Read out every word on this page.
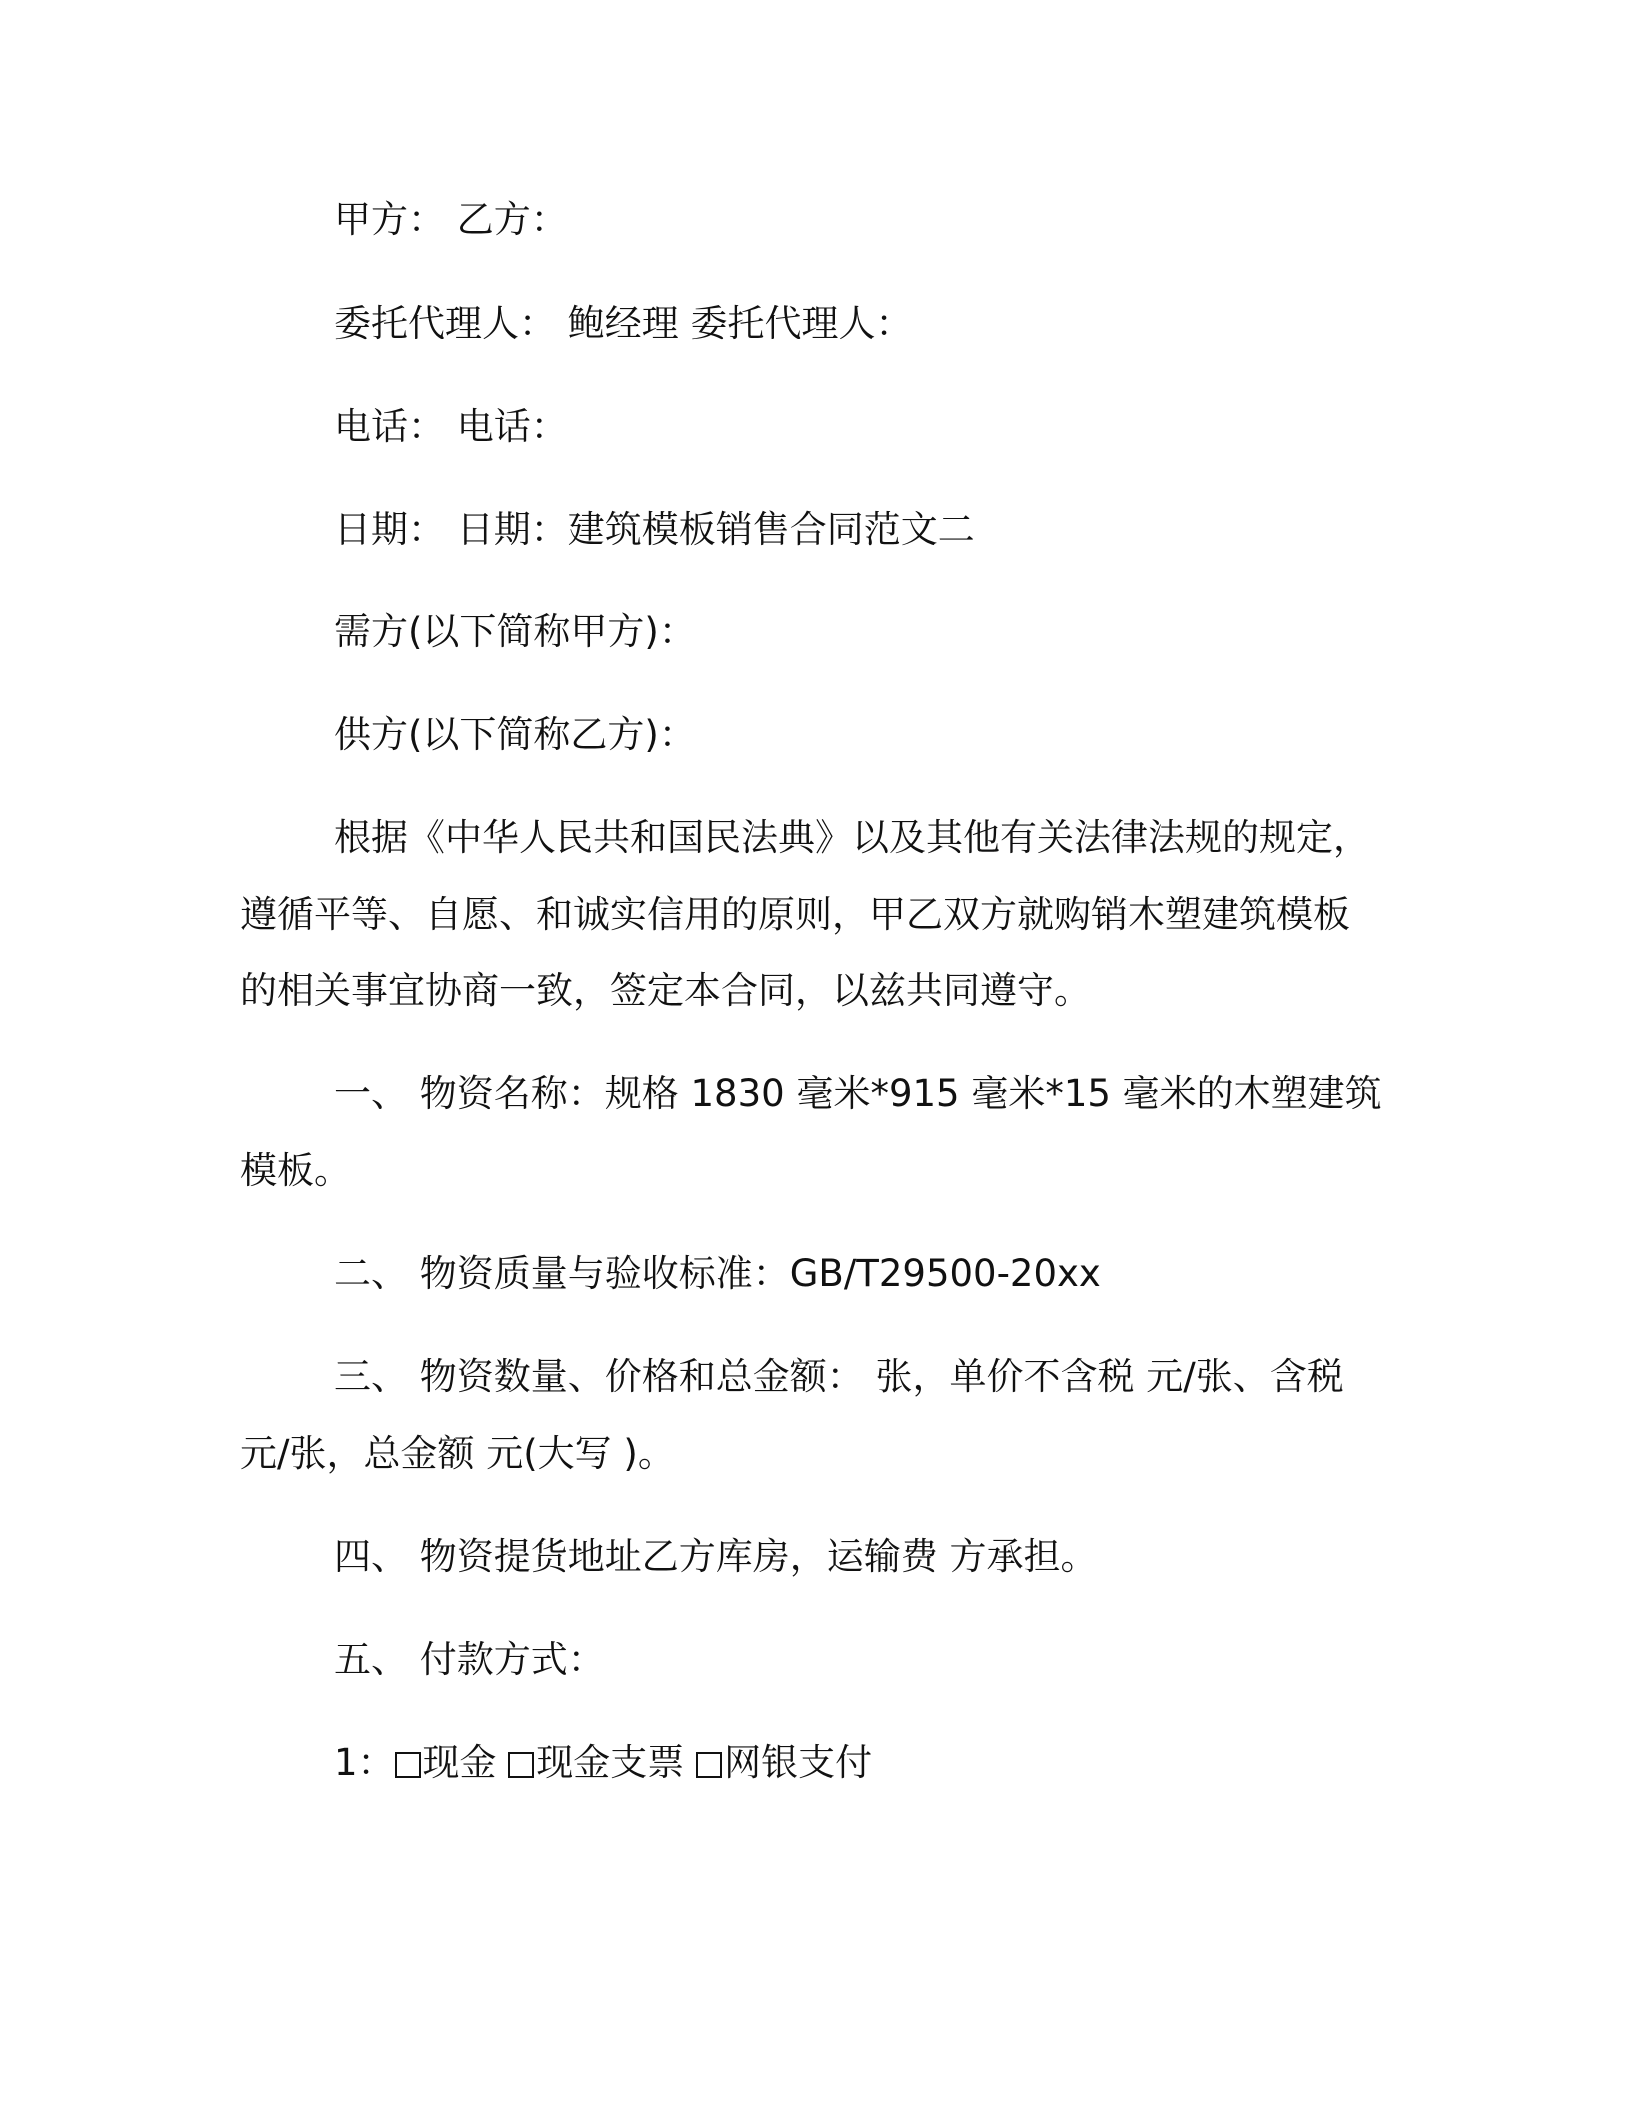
甲方： 乙方：
委托代理人： 鲍经理 委托代理人：
电话： 电话：
日期： 日期：建筑模板销售合同范文二
需方(以下简称甲方)：
供方(以下简称乙方)：
根据《中华人民共和国民法典》以及其他有关法律法规的规定，
遵循平等、自愿、和诚实信用的原则，甲乙双方就购销木塑建筑模板
的相关事宜协商一致，签定本合同，以兹共同遵守。
一、 物资名称：规格 1830 毫米*915 毫米*15 毫米的木塑建筑
模板。
二、 物资质量与验收标准：GB/T29500-20xx
三、 物资数量、价格和总金额： 张，单价不含税 元/张、含税
元/张，总金额 元(大写 )。
四、 物资提货地址乙方库房，运输费 方承担。
五、 付款方式：
1： 现金 现金支票 网银支付
